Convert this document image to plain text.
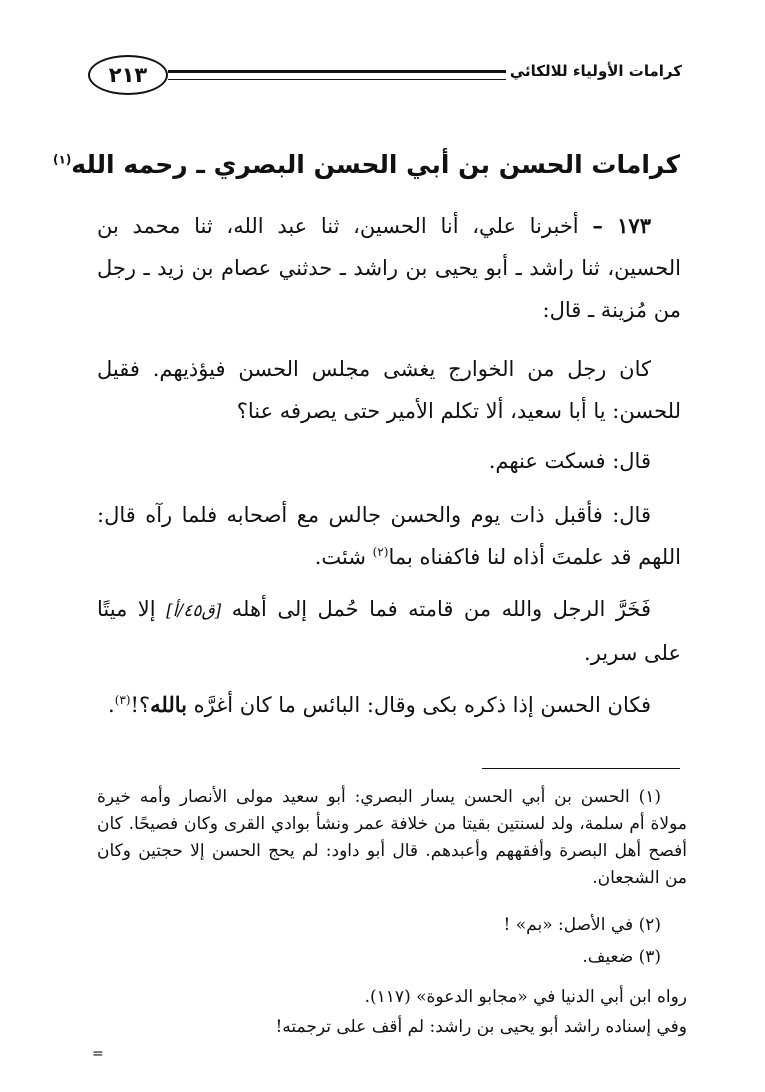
٢١٣	كرامات الأولياء للالكائي
كرامات الحسن بن أبي الحسن البصري ـ رحمه الله$^{(١)}$
١٧٣ – أخبرنا علي، أنا الحسين، ثنا عبد الله، ثنا محمد بن الحسين، ثنا راشد ـ أبو يحيى بن راشد ـ حدثني عصام بن زيد ـ رجل من مُزينة ـ قال:
كان رجل من الخوارج يغشى مجلس الحسن فيؤذيهم. فقيل للحسن: يا أبا سعيد، ألا تكلم الأمير حتى يصرفه عنا؟
قال: فسكت عنهم.
قال: فأقبل ذات يوم والحسن جالس مع أصحابه فلما رآه قال: اللهم قد علمتَ أذاه لنا فاكفناه بما$^{(٢)}$ شئت.
فَخَرَّ الرجل والله من قامته فما حُمل إلى أهله [ق٤٥/أ] إلا ميتًا على سرير.
فكان الحسن إذا ذكره بكى وقال: البائس ما كان أغرَّه بالله؟!$^{(٣)}$.
(١) الحسن بن أبي الحسن يسار البصري: أبو سعيد مولى الأنصار وأمه خيرة مولاة أم سلمة، ولد لسنتين بقيتا من خلافة عمر ونشأ بوادي القرى وكان فصيحًا. كان أفصح أهل البصرة وأفقههم وأعبدهم. قال أبو داود: لم يحج الحسن إلا حجتين وكان من الشجعان.
(٢) في الأصل: «بم» !
(٣) ضعيف.
رواه ابن أبي الدنيا في «مجابو الدعوة» (١١٧).
وفي إسناده راشد أبو يحيى بن راشد: لم أقف على ترجمته!
=
